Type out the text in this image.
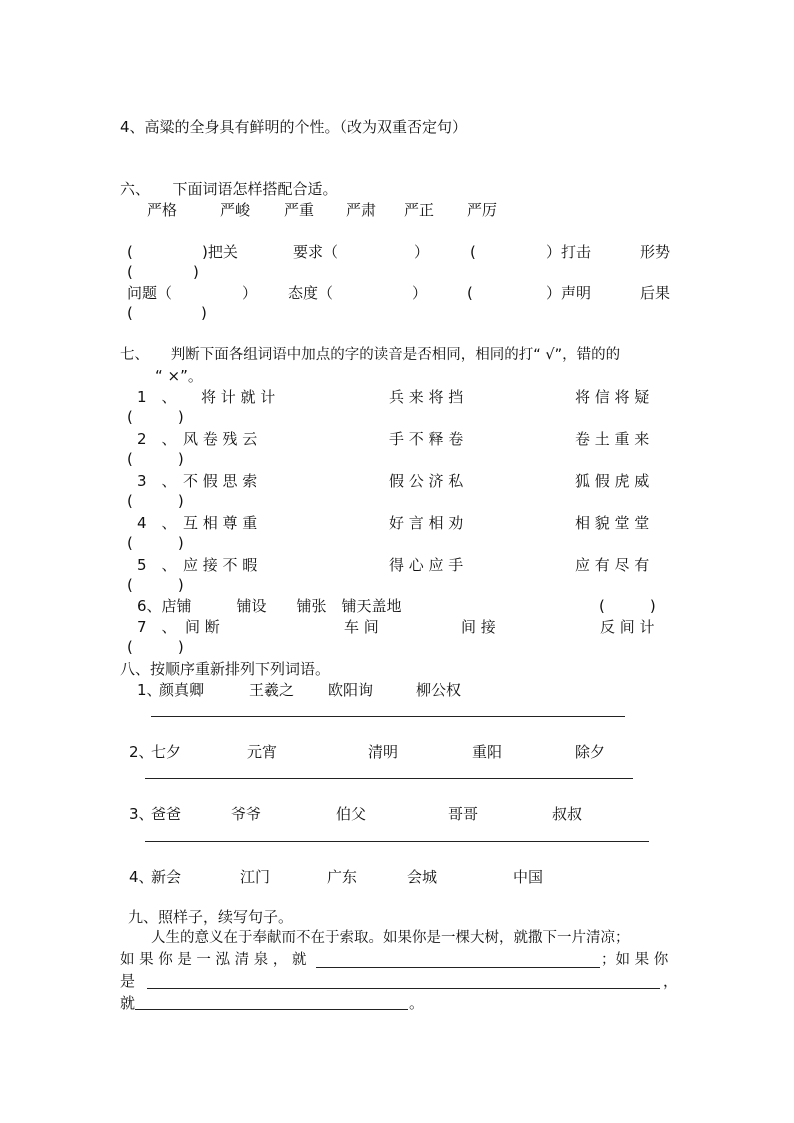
4、高粱的全身具有鲜明的个性。（改为双重否定句）
六、　　下面词语怎样搭配合适。
严格	严峻 严重 严肃 严正 严厉
(	)把关	要求（	）	(	）打击	形势
(	)
问题（	） 态度（	）	(	）声明	后果
(	)
七、　　判断下面各组词语中加点的字的读音是否相同，相同的打“ √”，错的的
“ ×”。
1　、 将 计 就 计	兵 来 将 挡	将 信 将 疑
(　　　)
2　、 风 卷 残 云	手 不 释 卷	卷 土 重 来
(　　　)
3　、 不 假 思 索	假 公 济 私	狐 假 虎 威
(　　　)
4　、 互 相 尊 重	好 言 相 劝	相 貌 堂 堂
(　　　)
5　、 应 接 不 暇	得 心 应 手	应 有 尽 有
(　　　)
6、店铺　　　铺设　　铺张　铺天盖地	(　　　)
7　、 间 断	车 间	间 接	反 间 计
(　　　)
八、按顺序重新排列下列词语。
1、
颜真卿	王羲之 欧阳询	柳公权
2、
七夕	元宵	清明	重阳	除夕
3、
爸爸	爷爷	伯父	哥哥	叔叔
4、
新会	江门	广东	会城	中国
九、照样子，续写句子。
人生的意义在于奉献而不在于索取。如果你是一棵大树，就撒下一片清凉；
如 果 你 是 一 泓 清 泉 ， 就	；如 果 你
是	，
就	。
